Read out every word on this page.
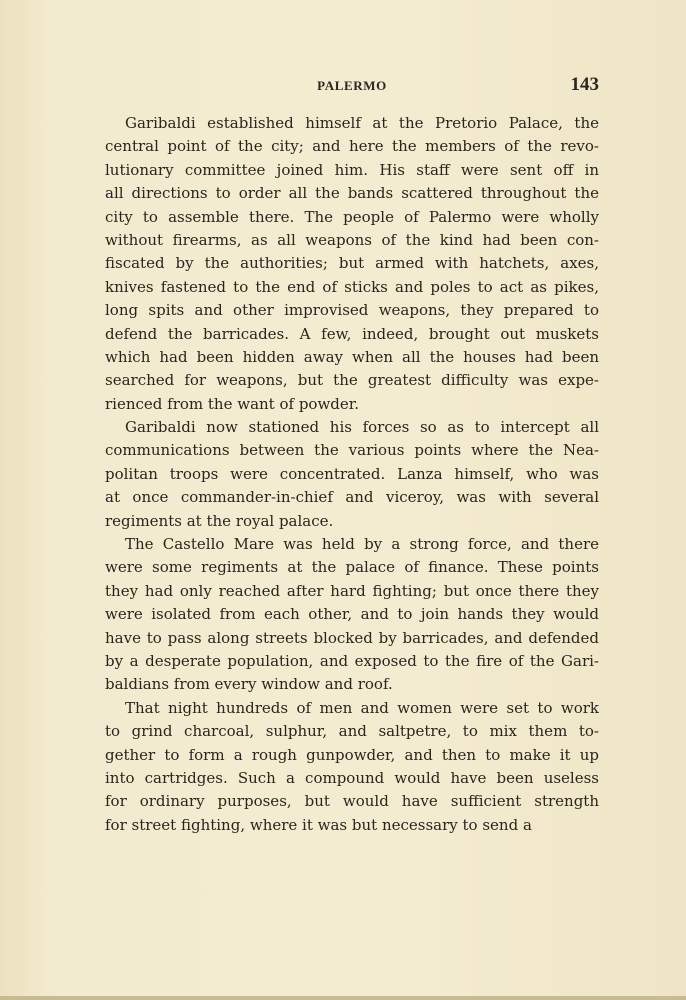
PALERMO	143
Garibaldi established himself at the Pretorio Palace, the
central point of the city; and here the members of the revo-
lutionary committee joined him. His staff were sent off in
all directions to order all the bands scattered throughout the
city to assemble there. The people of Palermo were wholly
without firearms, as all weapons of the kind had been con-
fiscated by the authorities; but armed with hatchets, axes,
knives fastened to the end of sticks and poles to act as pikes,
long spits and other improvised weapons, they prepared to
defend the barricades. A few, indeed, brought out muskets
which had been hidden away when all the houses had been
searched for weapons, but the greatest difficulty was expe-
rienced from the want of powder.
Garibaldi now stationed his forces so as to intercept all
communications between the various points where the Nea-
politan troops were concentrated. Lanza himself, who was
at once commander-in-chief and viceroy, was with several
regiments at the royal palace.
The Castello Mare was held by a strong force, and there
were some regiments at the palace of finance. These points
they had only reached after hard fighting; but once there they
were isolated from each other, and to join hands they would
have to pass along streets blocked by barricades, and defended
by a desperate population, and exposed to the fire of the Gari-
baldians from every window and roof.
That night hundreds of men and women were set to work
to grind charcoal, sulphur, and saltpetre, to mix them to-
gether to form a rough gunpowder, and then to make it up
into cartridges. Such a compound would have been useless
for ordinary purposes, but would have sufficient strength
for street fighting, where it was but necessary to send a
